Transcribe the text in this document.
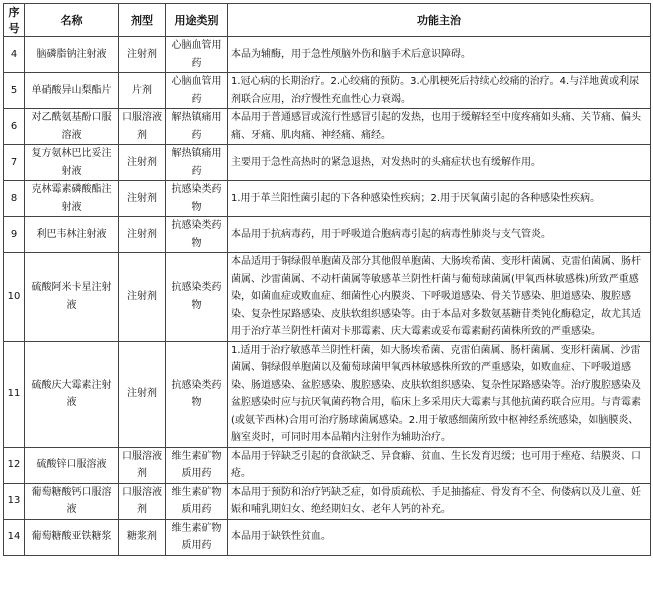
序号	名称	剂型	用途类别	功能主治
4	脑磷脂钠注射液	注射剂	心脑血管用药	本品为辅酶，用于急性颅脑外伤和脑手术后意识障碍。
5	单硝酸异山梨酯片	片剂	心脑血管用药	1.冠心病的长期治疗。2.心绞痛的预防。3.心肌梗死后持续心绞痛的治疗。4.与洋地黄或利尿剂联合应用，治疗慢性充血性心力衰竭。
6	对乙酰氨基酚口服溶液	口服溶液剂	解热镇痛用药	本品用于普通感冒或流行性感冒引起的发热，也用于缓解轻至中度疼痛如头痛、关节痛、偏头痛、牙痛、肌肉痛、神经痛、痛经。
7	复方氨林巴比妥注射液	注射剂	解热镇痛用药	主要用于急性高热时的紧急退热，对发热时的头痛症状也有缓解作用。
8	克林霉素磷酸酯注射液	注射剂	抗感染类药物	1.用于革兰阳性菌引起的下各种感染性疾病；2.用于厌氧菌引起的各种感染性疾病。
9	利巴韦林注射液	注射剂	抗感染类药物	本品用于抗病毒药，用于呼吸道合胞病毒引起的病毒性肺炎与支气管炎。
10	硫酸阿米卡星注射液	注射剂	抗感染类药物	本品适用于铜绿假单胞菌及部分其他假单胞菌、大肠埃希菌、变形杆菌属、克雷伯菌属、肠杆菌属、沙雷菌属、不动杆菌属等敏感革兰阴性杆菌与葡萄球菌属(甲氧西林敏感株)所致严重感染，如菌血症或败血症、细菌性心内膜炎、下呼吸道感染、骨关节感染、胆道感染、腹腔感染、复杂性尿路感染、皮肤软组织感染等。由于本品对多数氨基糖苷类钝化酶稳定，故尤其适用于治疗革兰阴性杆菌对卡那霉素、庆大霉素或妥布霉素耐药菌株所致的严重感染。
11	硫酸庆大霉素注射液	注射剂	抗感染类药物	1.适用于治疗敏感革兰阴性杆菌，如大肠埃希菌、克雷伯菌属、肠杆菌属、变形杆菌属、沙雷菌属、铜绿假单胞菌以及葡萄球菌甲氧西林敏感株所致的严重感染，如败血症、下呼吸道感染、肠道感染、盆腔感染、腹腔感染、皮肤软组织感染、复杂性尿路感染等。治疗腹腔感染及盆腔感染时应与抗厌氧菌药物合用，临床上多采用庆大霉素与其他抗菌药联合应用。与青霉素(或氨苄西林)合用可治疗肠球菌属感染。2.用于敏感细菌所致中枢神经系统感染，如脑膜炎、脑室炎时，可同时用本品鞘内注射作为辅助治疗。
12	硫酸锌口服溶液	口服溶液剂	维生素矿物质用药	本品用于锌缺乏引起的食欲缺乏、异食癖、贫血、生长发育迟缓；也可用于痤疮、结膜炎、口疮。
13	葡萄糖酸钙口服溶液	口服溶液剂	维生素矿物质用药	本品用于预防和治疗钙缺乏症，如骨质疏松、手足抽搐症、骨发育不全、佝偻病以及儿童、妊娠和哺乳期妇女、绝经期妇女、老年人钙的补充。
14	葡萄糖酸亚铁糖浆	糖浆剂	维生素矿物质用药	本品用于缺铁性贫血。
